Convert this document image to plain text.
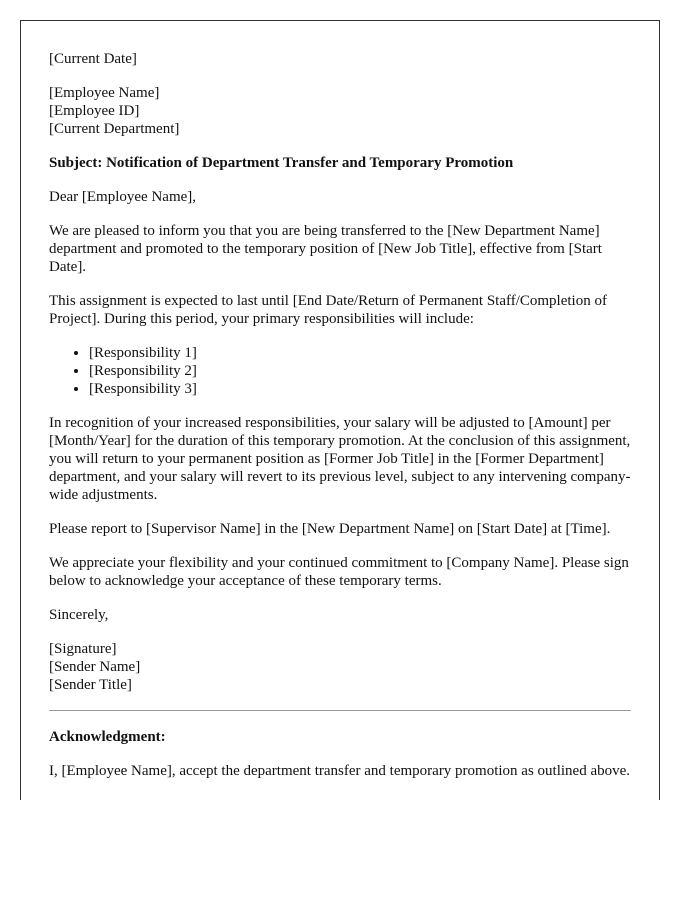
[Current Date]

[Employee Name]
[Employee ID]
[Current Department]

Subject: Notification of Department Transfer and Temporary Promotion

Dear [Employee Name],

We are pleased to inform you that you are being transferred to the [New Department Name] department and promoted to the temporary position of [New Job Title], effective from [Start Date].

This assignment is expected to last until [End Date/Return of Permanent Staff/Completion of Project]. During this period, your primary responsibilities will include:

• [Responsibility 1]
• [Responsibility 2]
• [Responsibility 3]

In recognition of your increased responsibilities, your salary will be adjusted to [Amount] per [Month/Year] for the duration of this temporary promotion. At the conclusion of this assignment, you will return to your permanent position as [Former Job Title] in the [Former Department] department, and your salary will revert to its previous level, subject to any intervening company-wide adjustments.

Please report to [Supervisor Name] in the [New Department Name] on [Start Date] at [Time].

We appreciate your flexibility and your continued commitment to [Company Name]. Please sign below to acknowledge your acceptance of these temporary terms.

Sincerely,

[Signature]
[Sender Name]
[Sender Title]

Acknowledgment:

I, [Employee Name], accept the department transfer and temporary promotion as outlined above.
